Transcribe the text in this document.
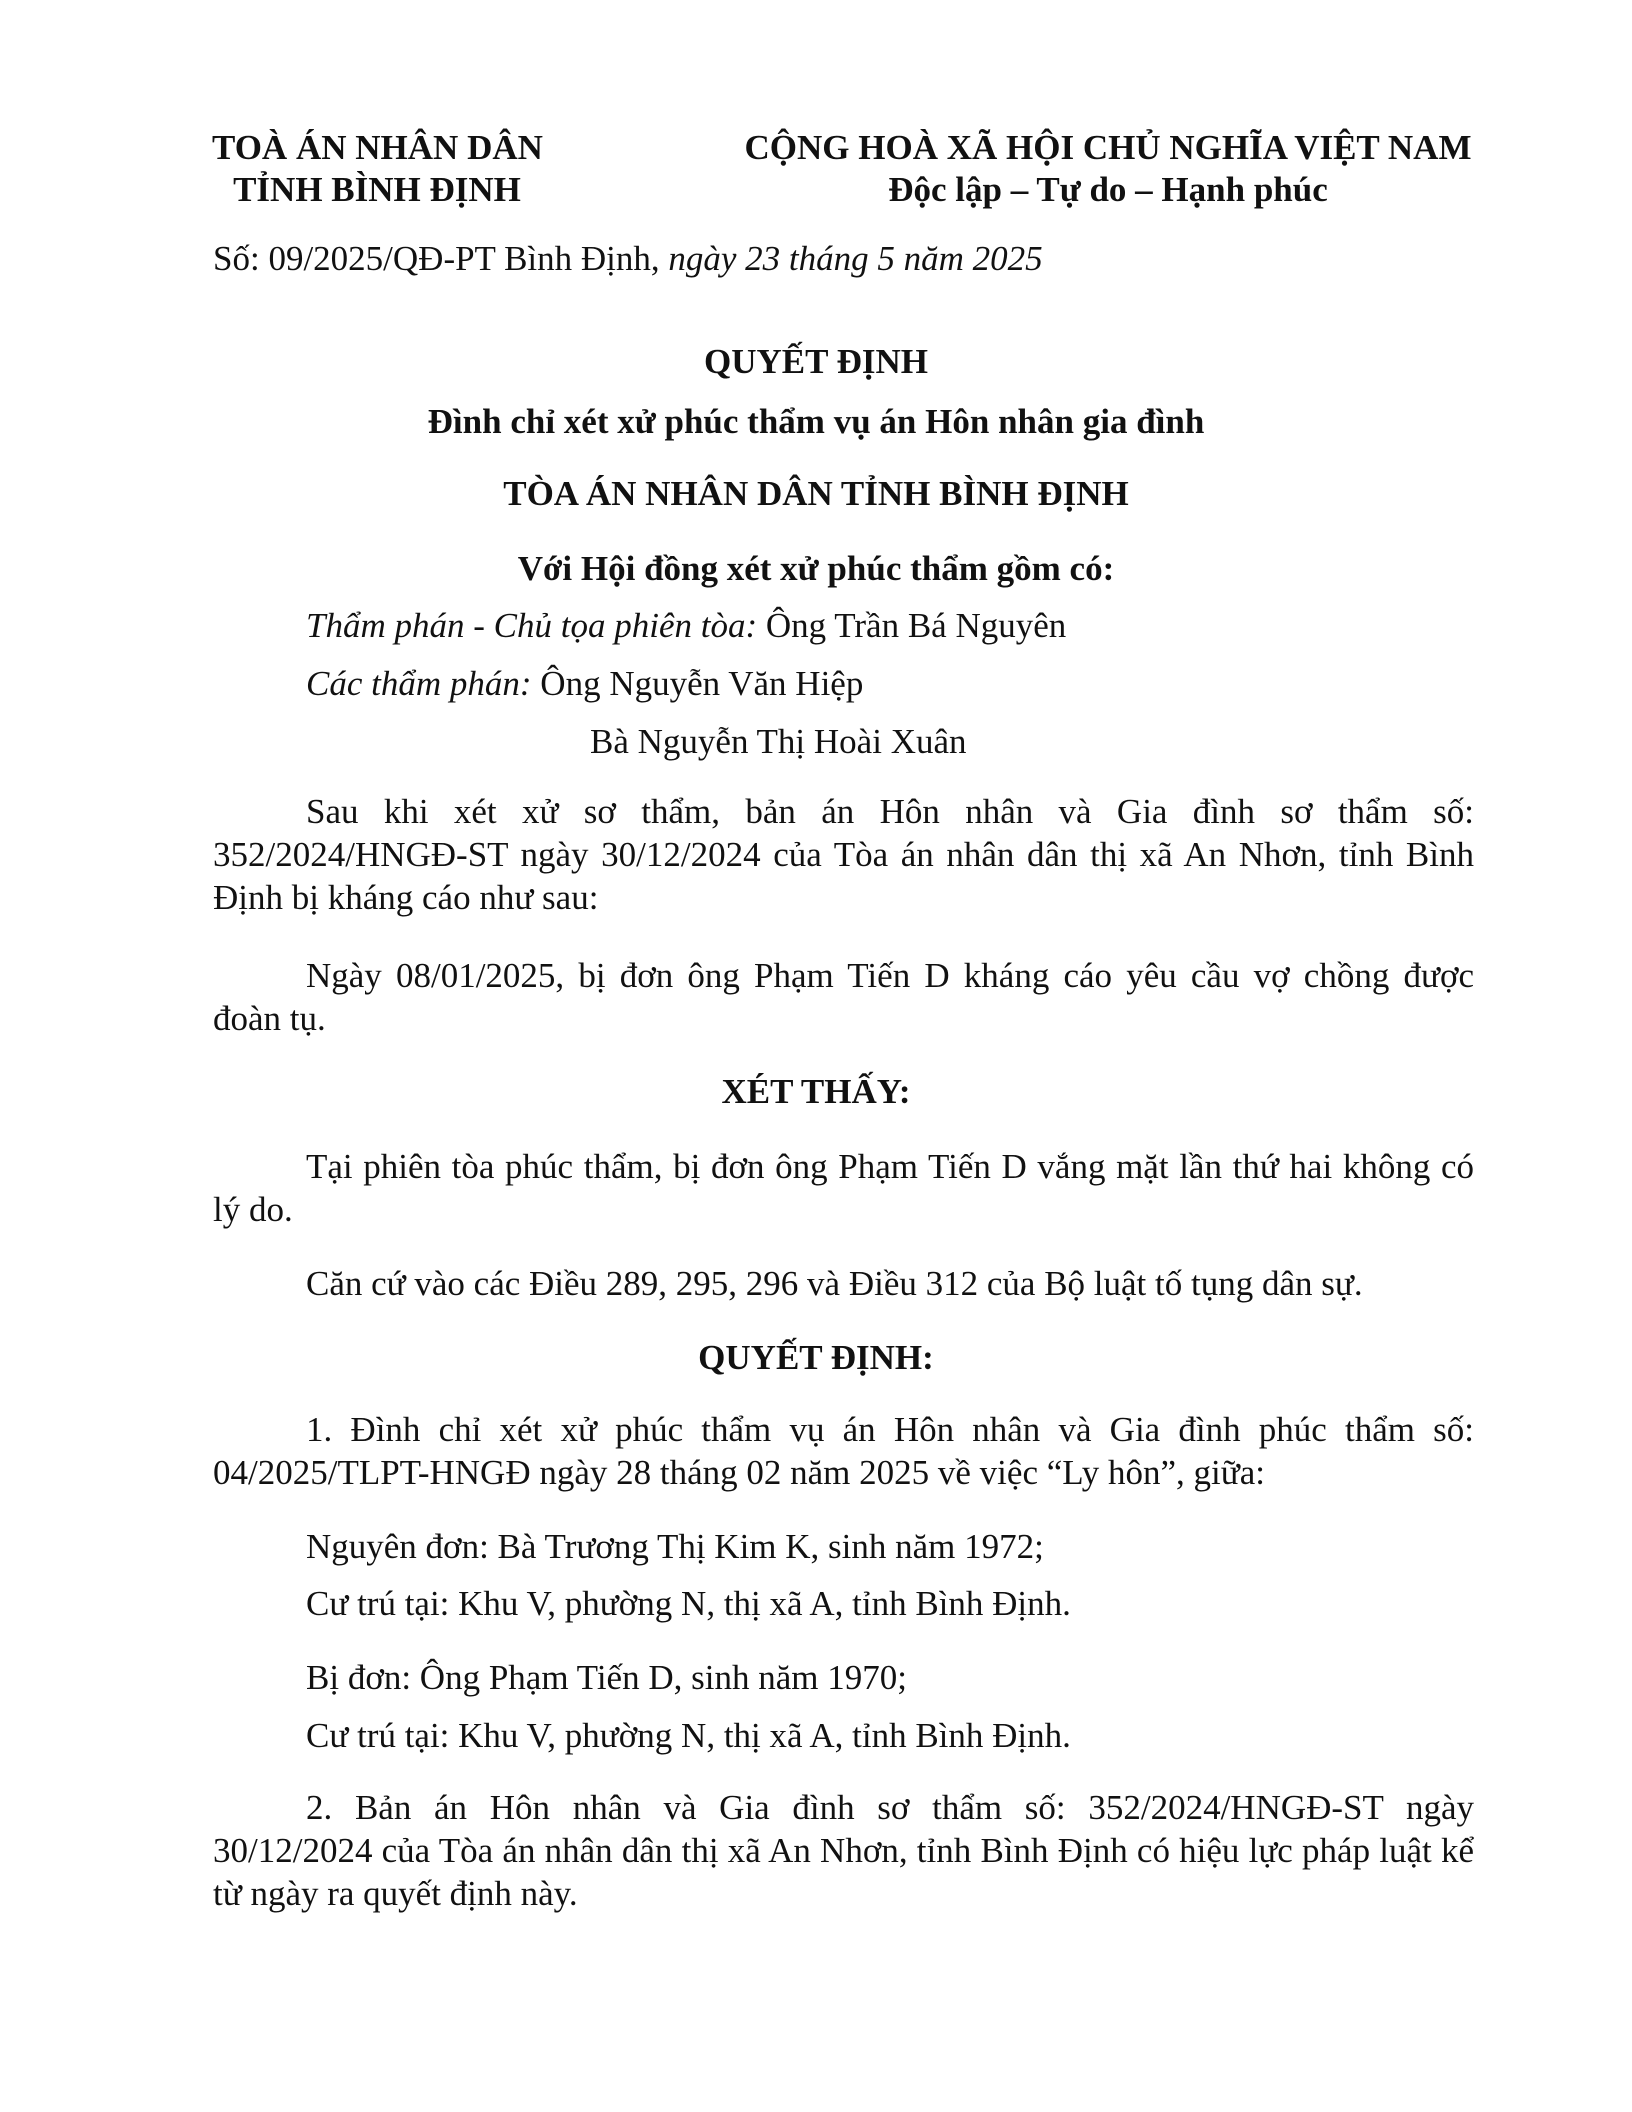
TOÀ ÁN NHÂN DÂN
TỈNH BÌNH ĐỊNH
CỘNG HOÀ XÃ HỘI CHỦ NGHĨA VIỆT NAM
Độc lập – Tự do – Hạnh phúc
Số: 09/2025/QĐ-PT Bình Định, ngày 23 tháng 5 năm 2025
QUYẾT ĐỊNH
Đình chỉ xét xử phúc thẩm vụ án Hôn nhân gia đình
TÒA ÁN NHÂN DÂN TỈNH BÌNH ĐỊNH
Với Hội đồng xét xử phúc thẩm gồm có:
Thẩm phán - Chủ tọa phiên tòa: Ông Trần Bá Nguyên
Các thẩm phán: Ông Nguyễn Văn Hiệp
Bà Nguyễn Thị Hoài Xuân
Sau khi xét xử sơ thẩm, bản án Hôn nhân và Gia đình sơ thẩm số: 352/2024/HNGĐ-ST ngày 30/12/2024 của Tòa án nhân dân thị xã An Nhơn, tỉnh Bình Định bị kháng cáo như sau:
Ngày 08/01/2025, bị đơn ông Phạm Tiến D kháng cáo yêu cầu vợ chồng được đoàn tụ.
XÉT THẤY:
Tại phiên tòa phúc thẩm, bị đơn ông Phạm Tiến D vắng mặt lần thứ hai không có lý do.
Căn cứ vào các Điều 289, 295, 296 và Điều 312 của Bộ luật tố tụng dân sự.
QUYẾT ĐỊNH:
1. Đình chỉ xét xử phúc thẩm vụ án Hôn nhân và Gia đình phúc thẩm số: 04/2025/TLPT-HNGĐ ngày 28 tháng 02 năm 2025 về việc “Ly hôn”, giữa:
Nguyên đơn: Bà Trương Thị Kim K, sinh năm 1972;
Cư trú tại: Khu V, phường N, thị xã A, tỉnh Bình Định.
Bị đơn: Ông Phạm Tiến D, sinh năm 1970;
Cư trú tại: Khu V, phường N, thị xã A, tỉnh Bình Định.
2. Bản án Hôn nhân và Gia đình sơ thẩm số: 352/2024/HNGĐ-ST ngày 30/12/2024 của Tòa án nhân dân thị xã An Nhơn, tỉnh Bình Định có hiệu lực pháp luật kể từ ngày ra quyết định này.
